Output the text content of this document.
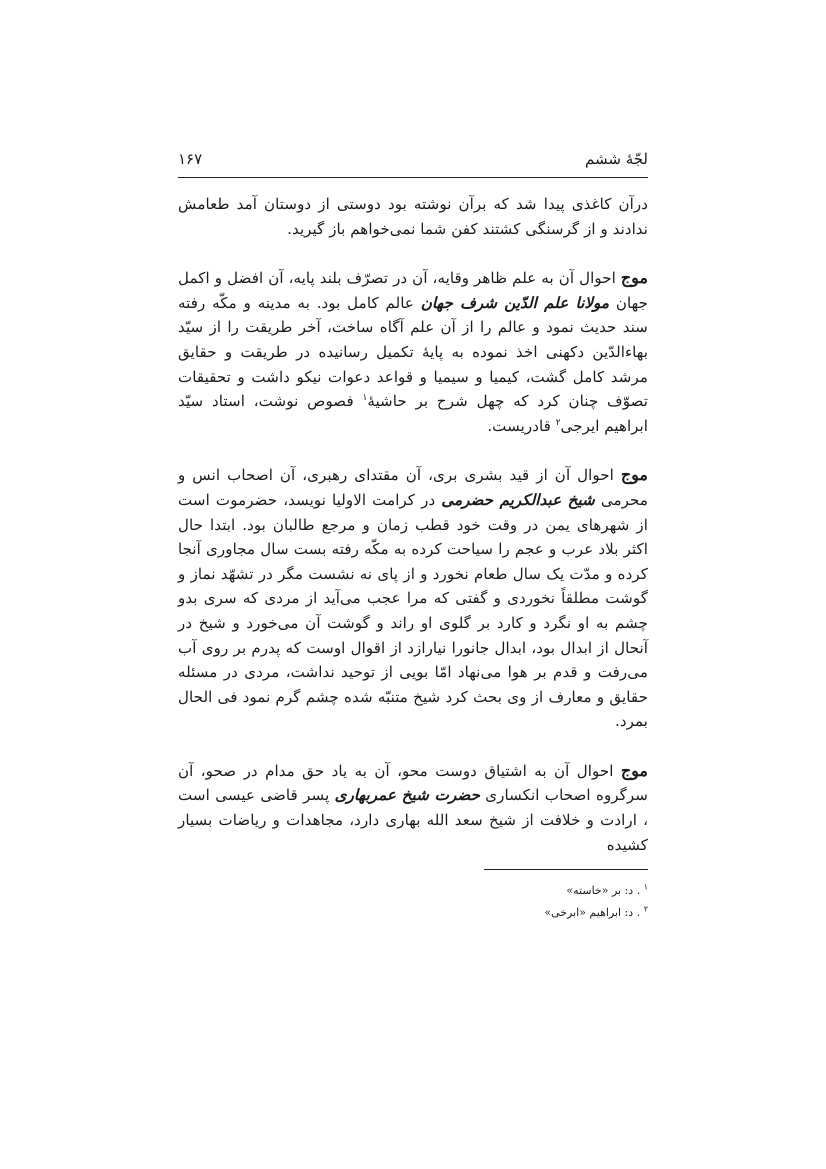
لجّهٔ ششم
۱۶۷

درآن کاغذی پیدا شد که برآن نوشته بود دوستی از دوستان آمد طعامش ندادند و از گرسنگی کشتند کفن شما نمی‌خواهم باز گیرید.

موج احوال آن به علم ظاهر وقایه، آن در تصرّف بلند پایه، آن افضل و اکمل جهان مولانا علم الدّین شرف جهان عالم کامل بود. به مدینه و مکّه رفته سند حدیث نمود و عالم را از آن علم آگاه ساخت، آخر طریقت را از سیّد بهاءالدّین دکهنی اخذ نموده به پایهٔ تکمیل رسانیده در طریقت و حقایق مرشد کامل گشت، کیمیا و سیمیا و قواعد دعوات نیکو داشت و تحقیقات تصوّف چنان کرد که چهل شرح بر حاشیهٔ$^۱$ فصوص نوشت، استاد سیّد ابراهیم ایرجی$^۲$ قادریست.

موج احوال آن از قید بشری بری، آن مقتدای رهبری، آن اصحاب انس و محرمی شیخ عبدالکریم حضرمی در کرامت الاولیا نویسد، حضرموت است از شهرهای یمن در وقت خود قطب زمان و مرجع طالبان بود. ابتدا حال اکثر بلاد عرب و عجم را سیاحت کرده به مکّه رفته بست سال مجاوری آنجا کرده و مدّت یک سال طعام نخورد و از پای نه نشست مگر در تشهّد نماز و گوشت مطلقاً نخوردی و گفتی که مرا عجب می‌آید از مردی که سری بدو چشم به او نگرد و کارد بر گلوی او راند و گوشت آن می‌خورد و شیخ در آنحال از ابدال بود، ابدال جانورا نیارازد از اقوال اوست که پدرم بر روی آب می‌رفت و قدم بر هوا می‌نهاد امّا بویی از توحید نداشت، مردی در مسئله حقایق و معارف از وی بحث کرد شیخ متنبّه شده چشم گرم نمود فی الحال بمرد.

موج احوال آن به اشتیاق دوست محو، آن به یاد حق مدام در صحو، آن سرگروه اصحاب انکساری حضرت شیخ عمربهاری پسر قاضی عیسی است ، ارادت و خلافت از شیخ سعد الله بهاری دارد، مجاهدات و ریاضات بسیار کشیده

$^۱$ . د: بر «خاسته»
$^۲$ . د: ابراهیم «ابرخی»
